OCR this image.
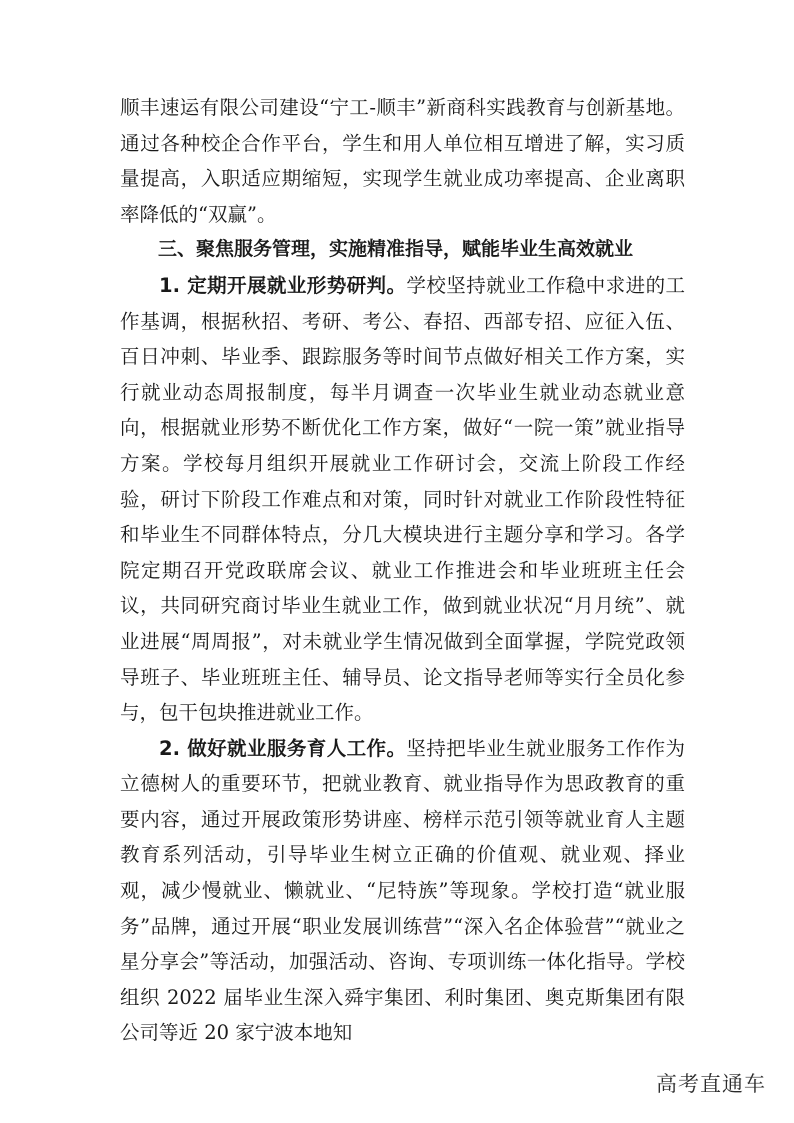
顺丰速运有限公司建设“宁工-顺丰”新商科实践教育与创新基地。通过各种校企合作平台，学生和用人单位相互增进了解，实习质量提高，入职适应期缩短，实现学生就业成功率提高、企业离职率降低的“双赢”。

三、聚焦服务管理，实施精准指导，赋能毕业生高效就业

1. 定期开展就业形势研判。学校坚持就业工作稳中求进的工作基调，根据秋招、考研、考公、春招、西部专招、应征入伍、百日冲刺、毕业季、跟踪服务等时间节点做好相关工作方案，实行就业动态周报制度，每半月调查一次毕业生就业动态就业意向，根据就业形势不断优化工作方案，做好“一院一策”就业指导方案。学校每月组织开展就业工作研讨会，交流上阶段工作经验，研讨下阶段工作难点和对策，同时针对就业工作阶段性特征和毕业生不同群体特点，分几大模块进行主题分享和学习。各学院定期召开党政联席会议、就业工作推进会和毕业班班主任会议，共同研究商讨毕业生就业工作，做到就业状况“月月统”、就业进展“周周报”，对未就业学生情况做到全面掌握，学院党政领导班子、毕业班班主任、辅导员、论文指导老师等实行全员化参与，包干包块推进就业工作。

2. 做好就业服务育人工作。坚持把毕业生就业服务工作作为立德树人的重要环节，把就业教育、就业指导作为思政教育的重要内容，通过开展政策形势讲座、榜样示范引领等就业育人主题教育系列活动，引导毕业生树立正确的价值观、就业观、择业观，减少慢就业、懒就业、“尼特族”等现象。学校打造“就业服务”品牌，通过开展“职业发展训练营”“深入名企体验营”“就业之星分享会”等活动，加强活动、咨询、专项训练一体化指导。学校组织 2022 届毕业生深入舜宇集团、利时集团、奥克斯集团有限公司等近 20 家宁波本地知

高考直通车
